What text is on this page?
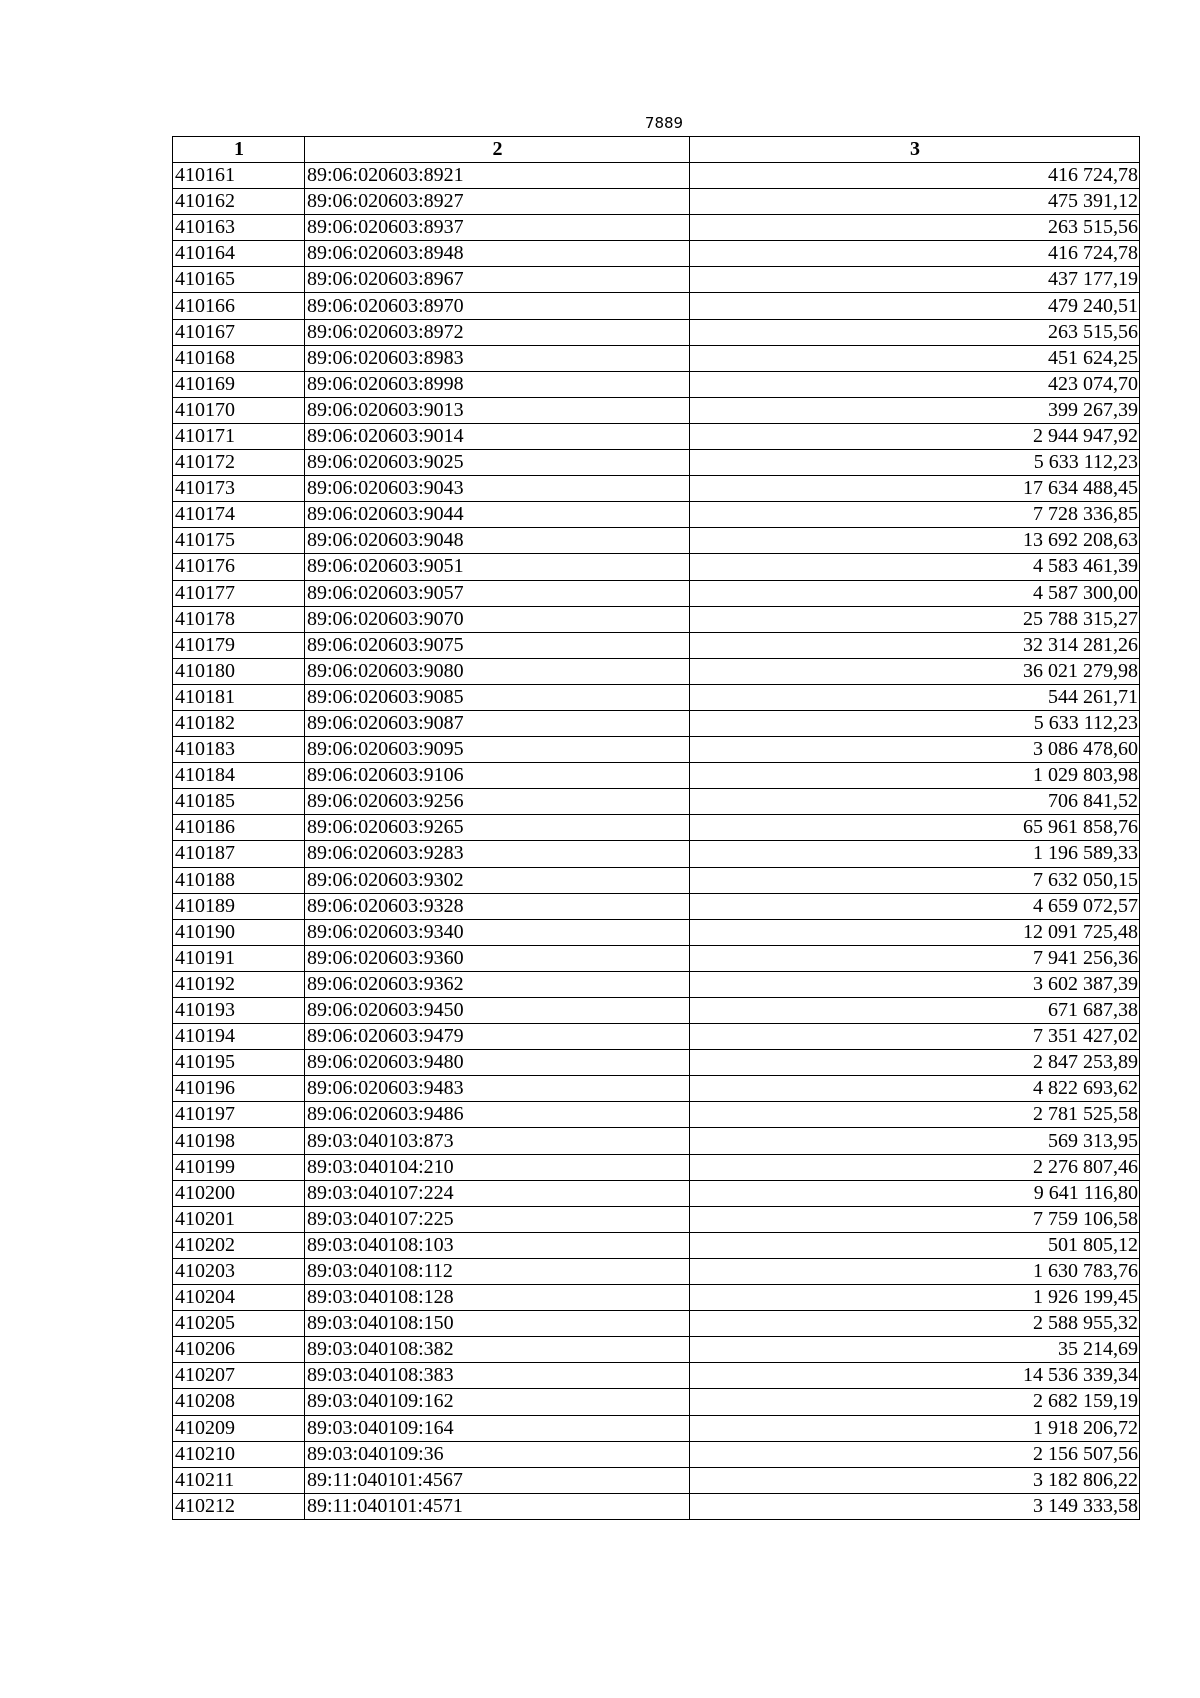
7889
1	2	3
410161	89:06:020603:8921	416 724,78
410162	89:06:020603:8927	475 391,12
410163	89:06:020603:8937	263 515,56
410164	89:06:020603:8948	416 724,78
410165	89:06:020603:8967	437 177,19
410166	89:06:020603:8970	479 240,51
410167	89:06:020603:8972	263 515,56
410168	89:06:020603:8983	451 624,25
410169	89:06:020603:8998	423 074,70
410170	89:06:020603:9013	399 267,39
410171	89:06:020603:9014	2 944 947,92
410172	89:06:020603:9025	5 633 112,23
410173	89:06:020603:9043	17 634 488,45
410174	89:06:020603:9044	7 728 336,85
410175	89:06:020603:9048	13 692 208,63
410176	89:06:020603:9051	4 583 461,39
410177	89:06:020603:9057	4 587 300,00
410178	89:06:020603:9070	25 788 315,27
410179	89:06:020603:9075	32 314 281,26
410180	89:06:020603:9080	36 021 279,98
410181	89:06:020603:9085	544 261,71
410182	89:06:020603:9087	5 633 112,23
410183	89:06:020603:9095	3 086 478,60
410184	89:06:020603:9106	1 029 803,98
410185	89:06:020603:9256	706 841,52
410186	89:06:020603:9265	65 961 858,76
410187	89:06:020603:9283	1 196 589,33
410188	89:06:020603:9302	7 632 050,15
410189	89:06:020603:9328	4 659 072,57
410190	89:06:020603:9340	12 091 725,48
410191	89:06:020603:9360	7 941 256,36
410192	89:06:020603:9362	3 602 387,39
410193	89:06:020603:9450	671 687,38
410194	89:06:020603:9479	7 351 427,02
410195	89:06:020603:9480	2 847 253,89
410196	89:06:020603:9483	4 822 693,62
410197	89:06:020603:9486	2 781 525,58
410198	89:03:040103:873	569 313,95
410199	89:03:040104:210	2 276 807,46
410200	89:03:040107:224	9 641 116,80
410201	89:03:040107:225	7 759 106,58
410202	89:03:040108:103	501 805,12
410203	89:03:040108:112	1 630 783,76
410204	89:03:040108:128	1 926 199,45
410205	89:03:040108:150	2 588 955,32
410206	89:03:040108:382	35 214,69
410207	89:03:040108:383	14 536 339,34
410208	89:03:040109:162	2 682 159,19
410209	89:03:040109:164	1 918 206,72
410210	89:03:040109:36	2 156 507,56
410211	89:11:040101:4567	3 182 806,22
410212	89:11:040101:4571	3 149 333,58
